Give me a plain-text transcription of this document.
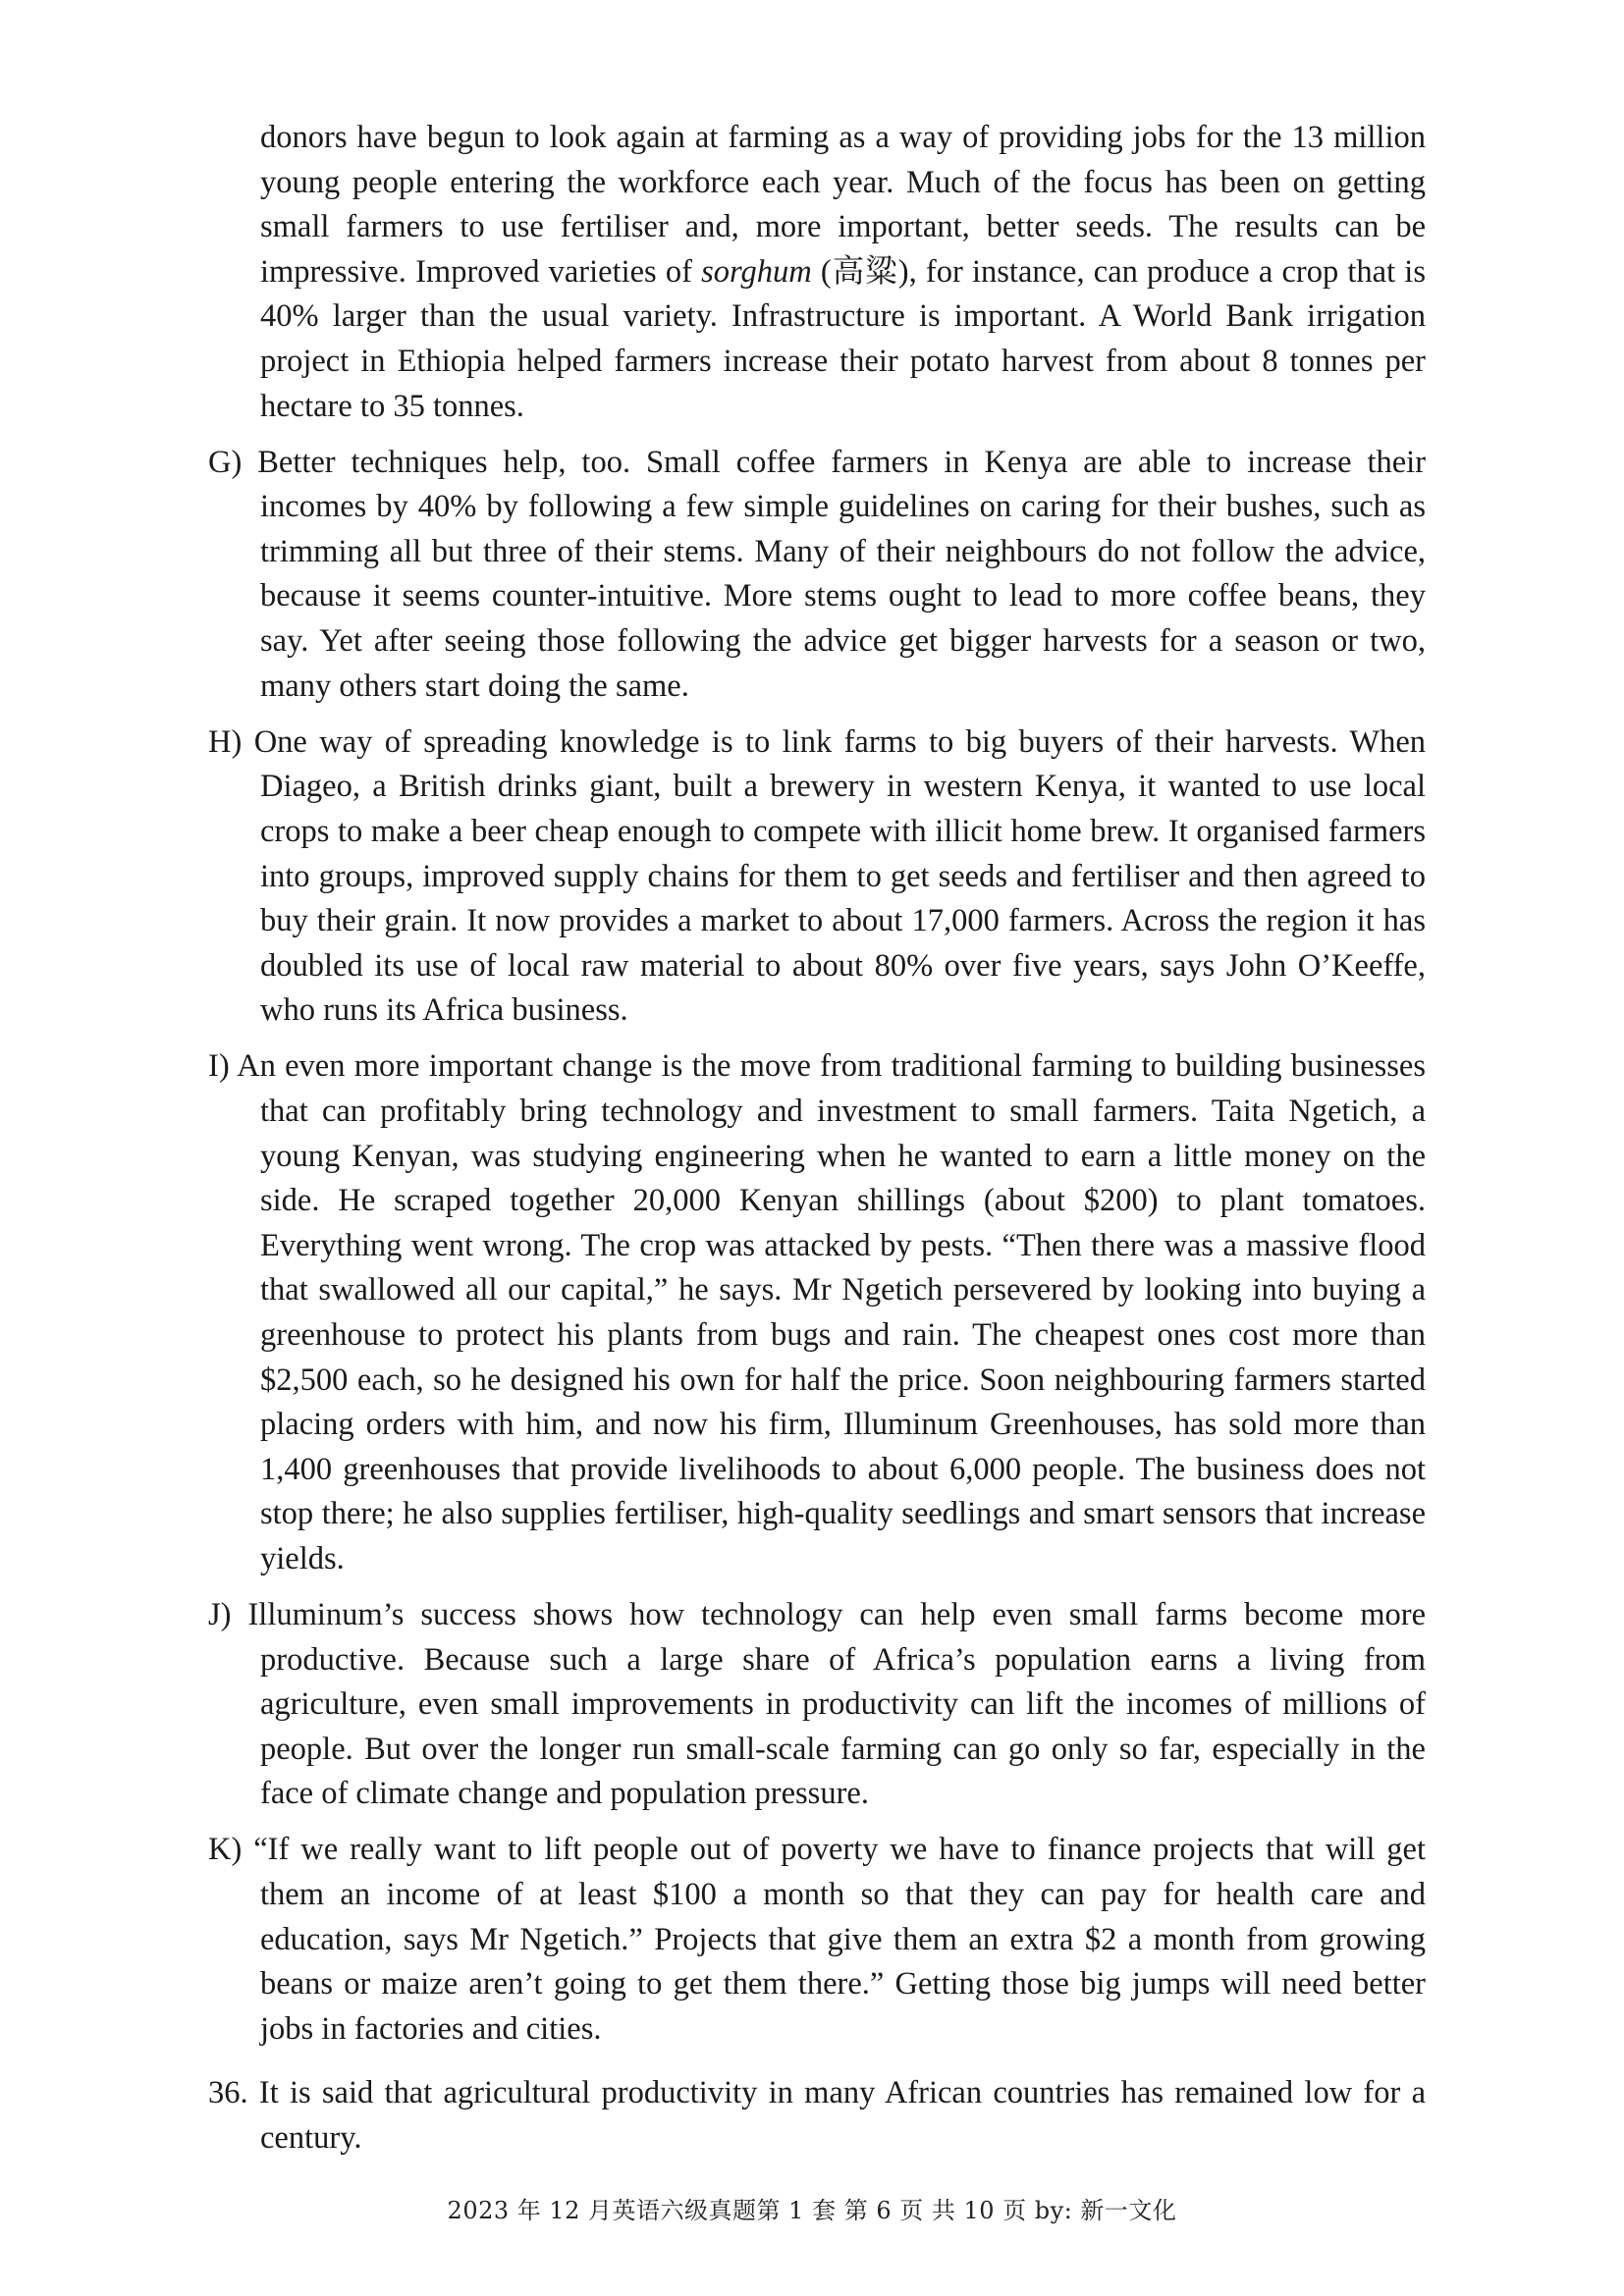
donors have begun to look again at farming as a way of providing jobs for the 13 million young people entering the workforce each year. Much of the focus has been on getting small farmers to use fertiliser and, more important, better seeds. The results can be impressive. Improved varieties of sorghum (高粱), for instance, can produce a crop that is 40% larger than the usual variety. Infrastructure is important. A World Bank irrigation project in Ethiopia helped farmers increase their potato harvest from about 8 tonnes per hectare to 35 tonnes.

G) Better techniques help, too. Small coffee farmers in Kenya are able to increase their incomes by 40% by following a few simple guidelines on caring for their bushes, such as trimming all but three of their stems. Many of their neighbours do not follow the advice, because it seems counter-intuitive. More stems ought to lead to more coffee beans, they say. Yet after seeing those following the advice get bigger harvests for a season or two, many others start doing the same.

H) One way of spreading knowledge is to link farms to big buyers of their harvests. When Diageo, a British drinks giant, built a brewery in western Kenya, it wanted to use local crops to make a beer cheap enough to compete with illicit home brew. It organised farmers into groups, improved supply chains for them to get seeds and fertiliser and then agreed to buy their grain. It now provides a market to about 17,000 farmers. Across the region it has doubled its use of local raw material to about 80% over five years, says John O’Keeffe, who runs its Africa business.

I) An even more important change is the move from traditional farming to building businesses that can profitably bring technology and investment to small farmers. Taita Ngetich, a young Kenyan, was studying engineering when he wanted to earn a little money on the side. He scraped together 20,000 Kenyan shillings (about $200) to plant tomatoes. Everything went wrong. The crop was attacked by pests. “Then there was a massive flood that swallowed all our capital,” he says. Mr Ngetich persevered by looking into buying a greenhouse to protect his plants from bugs and rain. The cheapest ones cost more than $2,500 each, so he designed his own for half the price. Soon neighbouring farmers started placing orders with him, and now his firm, Illuminum Greenhouses, has sold more than 1,400 greenhouses that provide livelihoods to about 6,000 people. The business does not stop there; he also supplies fertiliser, high-quality seedlings and smart sensors that increase yields.

J) Illuminum’s success shows how technology can help even small farms become more productive. Because such a large share of Africa’s population earns a living from agriculture, even small improvements in productivity can lift the incomes of millions of people. But over the longer run small-scale farming can go only so far, especially in the face of climate change and population pressure.

K) “If we really want to lift people out of poverty we have to finance projects that will get them an income of at least $100 a month so that they can pay for health care and education, says Mr Ngetich.” Projects that give them an extra $2 a month from growing beans or maize aren’t going to get them there.” Getting those big jumps will need better jobs in factories and cities.

36. It is said that agricultural productivity in many African countries has remained low for a century.

2023 年 12 月英语六级真题第 1 套 第 6 页 共 10 页 by: 新一文化
